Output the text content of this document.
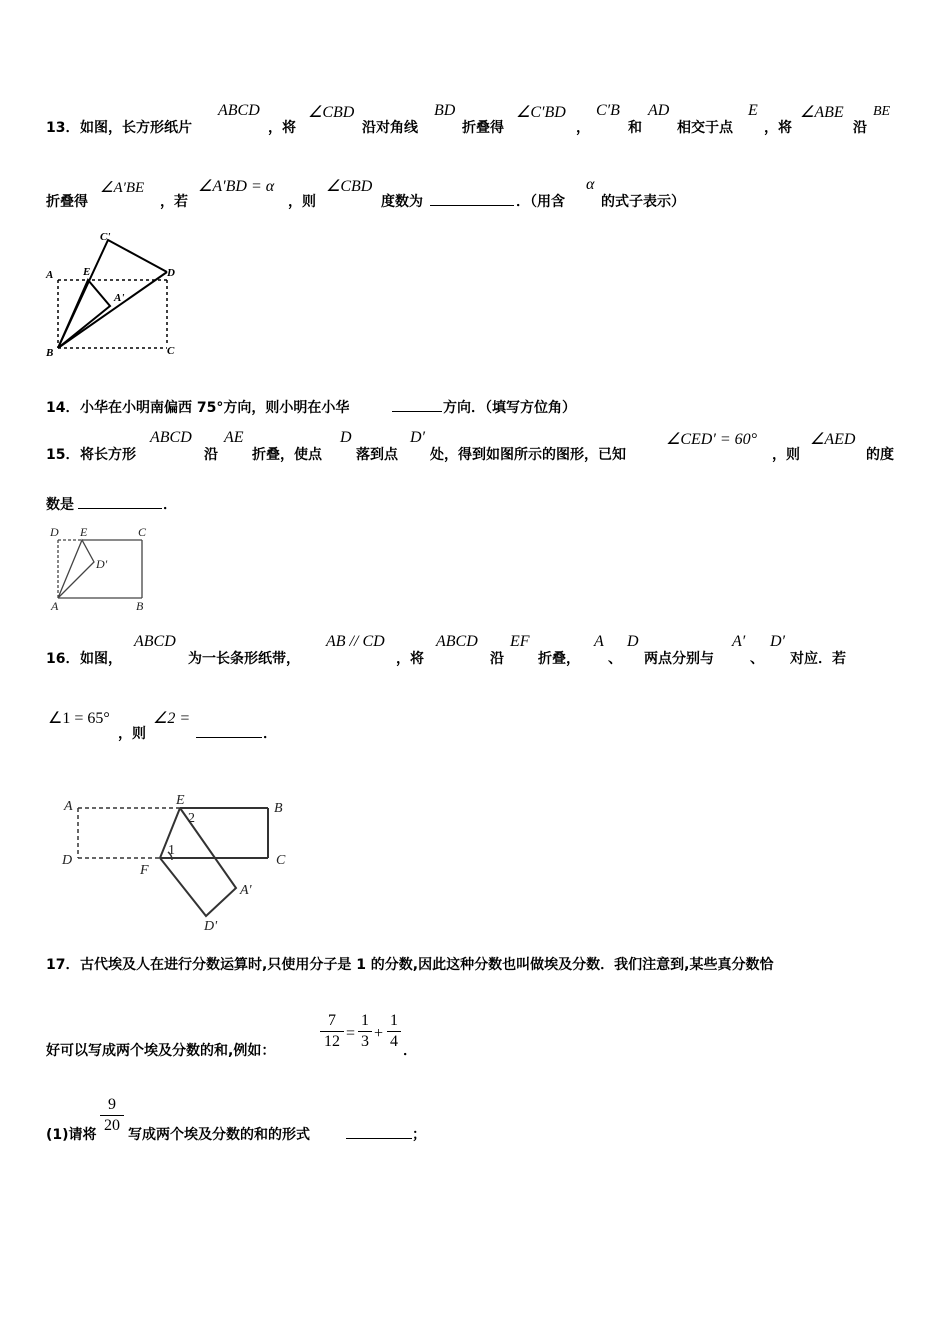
13． 如图，长方形纸片
ABCD
，将
∠CBD
沿对角线
BD
折叠得
∠C′BD
，
C′B
和
AD
相交于点
E
，将
∠ABE
沿
BE
折叠得
∠A′BE
，若
∠A′BD = α
，则
∠CBD
度数为	．（用含
α
的式子表示）
C'
A	E	D
A'
B	C
14． 小华在小明南偏西 75°方向，则小明在小华	方向．（填写方位角）
15． 将长方形
ABCD
沿
AE
折叠，使点
D
落到点
D′
处，得到如图所示的图形，已知
∠CED′ = 60°
，则
∠AED
的度
数是	．
D E	C
D'
A	B
16． 如图，
ABCD
为一长条形纸带，
AB // CD
，将
ABCD
沿
EF
折叠，
A
、
D
两点分别与
A′
、
D′
对应．若
∠1 = 65°
，则
∠2 =
．
A	E
2
B
D
1
C
F
A'
D'
17． 古代埃及人在进行分数运算时,只使用分子是 1 的分数,因此这种分数也叫做埃及分数．我们注意到,某些真分数恰
好可以写成两个埃及分数的和,例如：
7
12 =
1
3 +
1
4
．
(1)请将
9
20
写成两个埃及分数的和的形式	；
